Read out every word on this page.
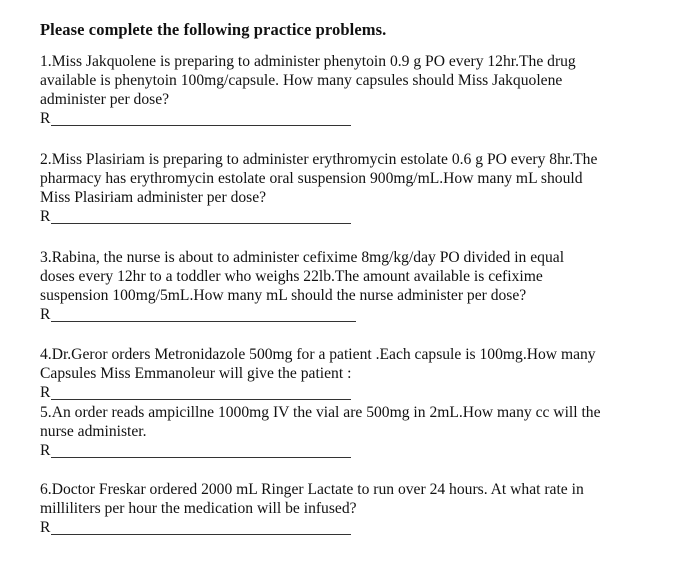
Please complete the following practice problems.
1.Miss Jakquolene is preparing to administer phenytoin 0.9 g PO every 12hr.The drug
available is phenytoin 100mg/capsule. How many capsules should Miss Jakquolene
administer per dose?
R
2.Miss Plasiriam is preparing to administer erythromycin estolate 0.6 g PO every 8hr.The
pharmacy has erythromycin estolate oral suspension 900mg/mL.How many mL should
Miss Plasiriam administer per dose?
R
3.Rabina, the nurse is about to administer cefixime 8mg/kg/day PO divided in equal
doses every 12hr to a toddler who weighs 22lb.The amount available is cefixime
suspension 100mg/5mL.How many mL should the nurse administer per dose?
R
4.Dr.Geror orders Metronidazole 500mg for a patient .Each capsule is 100mg.How many
Capsules Miss Emmanoleur will give the patient :
R
5.An order reads ampicillne 1000mg IV the vial are 500mg in 2mL.How many cc will the
nurse administer.
R
6.Doctor Freskar ordered 2000 mL Ringer Lactate to run over 24 hours. At what rate in
milliliters per hour the medication will be infused?
R
